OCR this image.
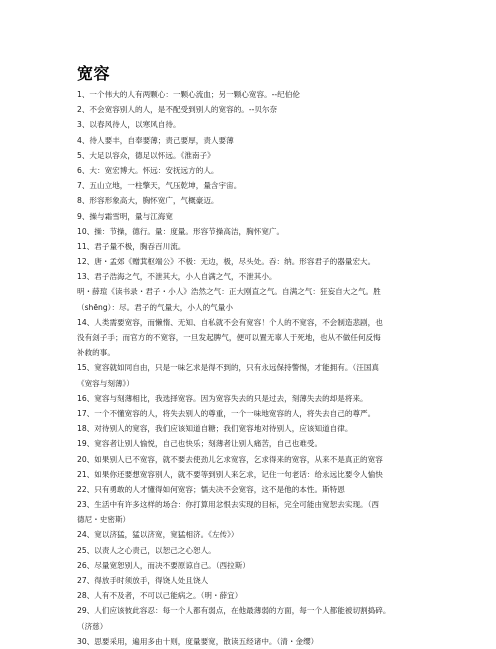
宽容
1、一个伟大的人有两颗心：一颗心流血；另一颗心宽容。--纪伯伦
2、不会宽容别人的人，是不配受到别人的宽容的。--贝尔奈
3、以春风待人，以寒风自待。
4、待人要丰，自奉要薄；责己要厚，责人要薄
5、大足以容众，德足以怀远。《淮南子》
6、大：宽宏博大。怀远：安抚远方的人。
7、五山立地，一柱擎天，气压乾坤，量含宇宙。
8、形容形象高大，胸怀宽广，气概豪迈。
9、操与霜雪明，量与江海宽
10、操：节操，德行。量：度量。形容节操高洁，胸怀宽广。
11、君子量不极，胸吞百川流。
12、唐・孟郊《赠萁枢端公》不极：无边，极，尽头处。吞：纳。形容君子的器量宏大。
13、君子浩海之气，不泄其大，小人自满之气，不泄其小。
明・薛瑄《读书录・君子・小人》浩然之气：正大刚直之气。自满之气：狂妄自大之气。胜
（shēng）：尽。君子的气量大，小人的气量小
14、人类需要宽容，而懒惰、无知、自私就不会有宽容！个人的不宽容，不会制造悲剧，也
没有刽子手；而官方的不宽容，一旦发起脾气，便可以置无辜人于死地，也从不做任何反悔
补救的事。
15、宽容就如同自由，只是一味乞求是得不到的，只有永远保持警惕，才能拥有。（汪国真
《宽容与刻薄》）
16、宽容与刻薄相比，我选择宽容。因为宽容失去的只是过去，刻薄失去的却是将来。
17、一个不懂宽容的人，将失去别人的尊重，一个一味地宽容的人，将失去自己的尊严。
18、对待别人的宽容，我们应该知道自糖；我们宽容地对待别人，应该知道自律。
19、宽容者让别人愉悦，自己也快乐；刻薄者让别人痛苦，自己也难受。
20、如果别人已不宽容，就不要去使劲儿乞求宽容，乞求得来的宽容，从来不是真正的宽容
21、如果你还要想宽容别人，就不要等到别人来乞求，记住一句老话：给永远比要令人愉快
22、只有勇敢的人才懂得如何宽容；懦夫决不会宽容，这不是他的本性。斯特恩
23、生活中有许多这样的场合：你打算用忿恨去实现的目标，完全可能由宽恕去实现。（西
德尼・史密斯）
24、宽以济猛，猛以济宽，宽猛相济。《左传》）
25、以责人之心责己，以恕己之心恕人。
26、尽量宽恕别人，而决不要原谅自己。（西拉斯）
27、得放手时须放手，得饶人处且饶人
28、人有不及者，不可以己能病之。（明・薛宜）
29、人们应该彼此容忍：每一个人都有弱点，在他最薄弱的方面，每一个人都能被切割捣碎。
（济慈）
30、思要采用，遍用多由十则，度量要宽，散读五经诸中。（清・金缨）
